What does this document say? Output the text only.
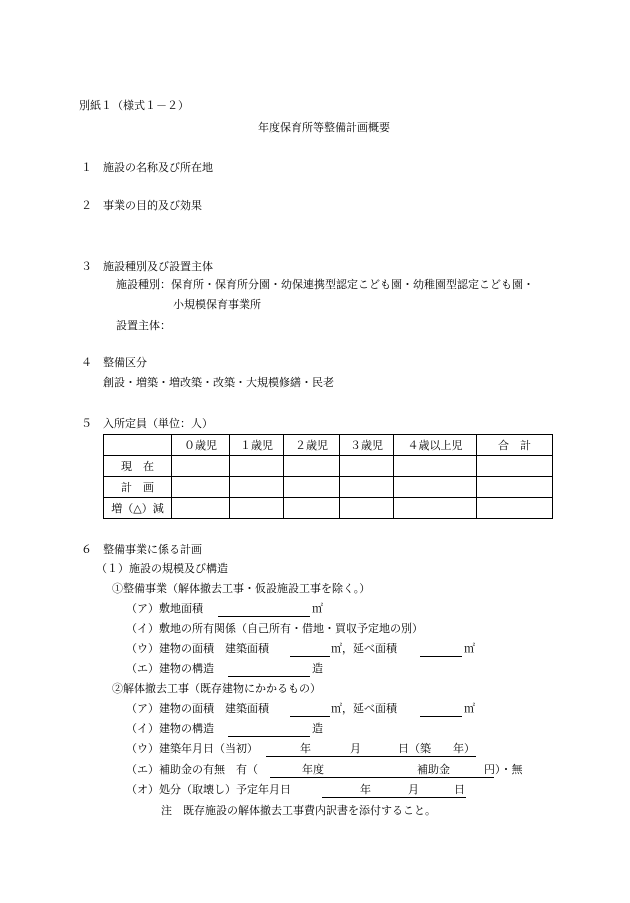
別紙１（様式１－２）
年度保育所等整備計画概要
１　施設の名称及び所在地
２　事業の目的及び効果
３　施設種別及び設置主体
施設種別：保育所・保育所分園・幼保連携型認定こども園・幼稚園型認定こども園・
小規模保育事業所
設置主体：
４　整備区分
創設・増築・増改築・改築・大規模修繕・民老
５　入所定員（単位：人）
	０歳児	１歳児	２歳児	３歳児	４歳以上児	合　計
現　在						
計　画						
増（△）減						
６　整備事業に係る計画
（１）施設の規模及び構造
①整備事業（解体撤去工事・仮設施設工事を除く。）
（ア）敷地面積	㎡
（イ）敷地の所有関係（自己所有・借地・買収予定地の別）
（ウ）建物の面積　建築面積	㎡，延べ面積	㎡
（エ）建物の構造	造
②解体撤去工事（既存建物にかかるもの）
（ア）建物の面積　建築面積	㎡，延べ面積	㎡
（イ）建物の構造	造
（ウ）建築年月日（当初）	年	月	日（築 年）
（エ）補助金の有無　有（	年度	補助金	円）・無
（オ）処分（取壊し）予定年月日	年	月	日
注　既存施設の解体撤去工事費内訳書を添付すること。
